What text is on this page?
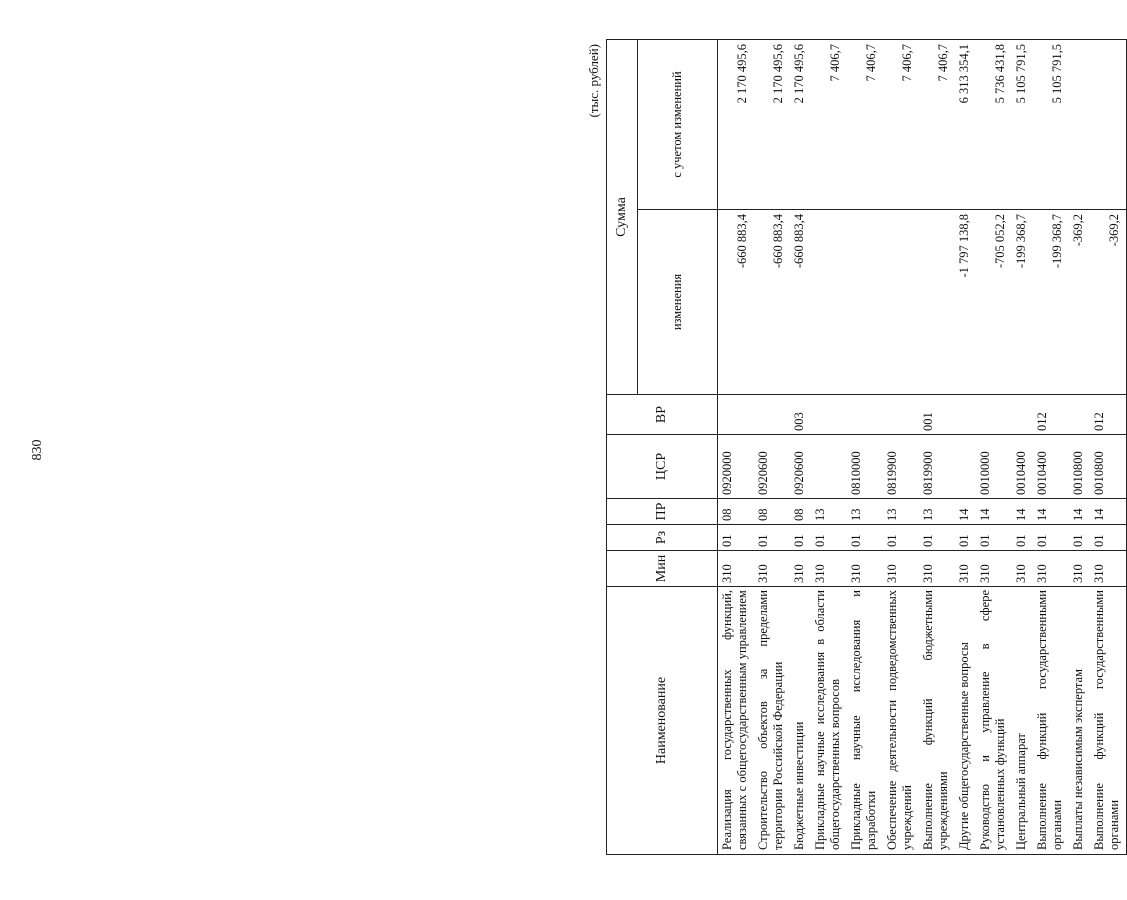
830
(тыс. рублей)
Наименование	Мин	Рз	ПР	ЦСР	ВР	Сумма	
						изменения	с учетом изменений
Реализация государственных функций, связанных с общегосударственным управлением	310	01	08	0920000		-660 883,4	2 170 495,6
Строительство объектов за пределами территории Российской Федерации	310	01	08	0920600		-660 883,4	2 170 495,6
Бюджетные инвестиции	310	01	08	0920600	003	-660 883,4	2 170 495,6
Прикладные научные исследования в области общегосударственных вопросов	310	01	13				7 406,7
Прикладные научные исследования и разработки	310	01	13	0810000			7 406,7
Обеспечение деятельности подведомственных учреждений	310	01	13	0819900			7 406,7
Выполнение функций бюджетными учреждениями	310	01	13	0819900	001		7 406,7
Другие общегосударственные вопросы	310	01	14			-1 797 138,8	6 313 354,1
Руководство и управление в сфере установленных функций	310	01	14	0010000		-705 052,2	5 736 431,8
Центральный аппарат	310	01	14	0010400		-199 368,7	5 105 791,5
Выполнение функций государственными органами	310	01	14	0010400	012	-199 368,7	5 105 791,5
Выплаты независимым экспертам	310	01	14	0010800		-369,2	
Выполнение функций государственными органами	310	01	14	0010800	012	-369,2	
